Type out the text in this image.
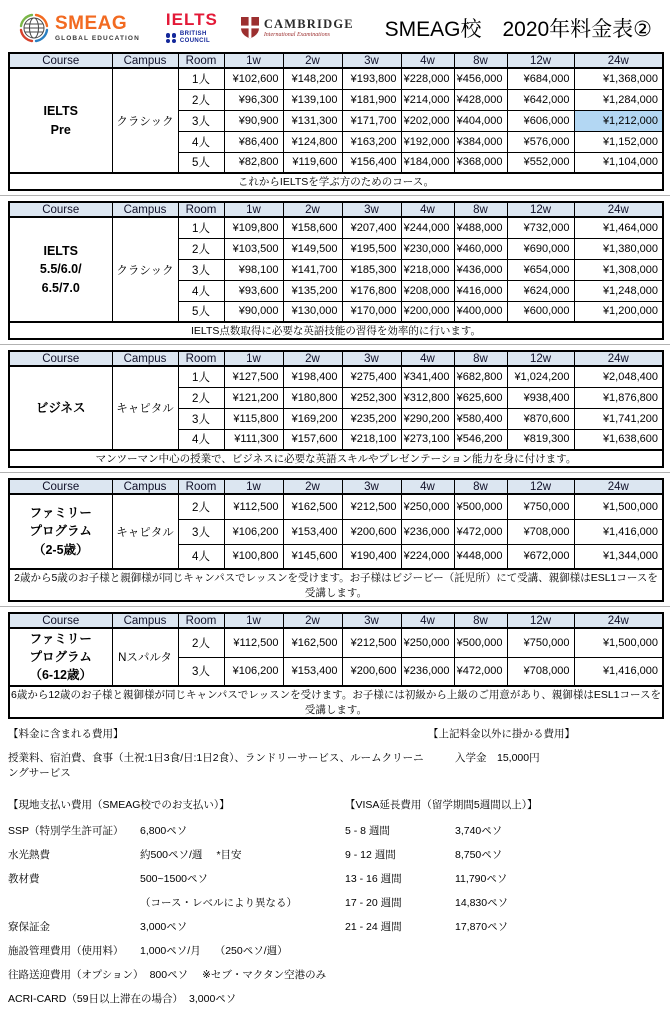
SMEAG
GLOBAL EDUCATION
IELTS
BRITISH
COUNCIL
CAMBRIDGE
International Examinations	SMEAG校　2020年料金表②
Course	Campus	Room	1w	2w	3w	4w	8w	12w	24w

IELTS
Pre	クラシック	1人	¥102,600	¥148,200	¥193,800	¥228,000	¥456,000	¥684,000	¥1,368,000
		2人	¥96,300	¥139,100	¥181,900	¥214,000	¥428,000	¥642,000	¥1,284,000
		3人	¥90,900	¥131,300	¥171,700	¥202,000	¥404,000	¥606,000	¥1,212,000
		4人	¥86,400	¥124,800	¥163,200	¥192,000	¥384,000	¥576,000	¥1,152,000
		5人	¥82,800	¥119,600	¥156,400	¥184,000	¥368,000	¥552,000	¥1,104,000
これからIELTSを学ぶ方のためのコース。									
Course	Campus	Room	1w	2w	3w	4w	8w	12w	24w

IELTS
5.5/6.0/
6.5/7.0	クラシック	1人	¥109,800	¥158,600	¥207,400	¥244,000	¥488,000	¥732,000	¥1,464,000
		2人	¥103,500	¥149,500	¥195,500	¥230,000	¥460,000	¥690,000	¥1,380,000
		3人	¥98,100	¥141,700	¥185,300	¥218,000	¥436,000	¥654,000	¥1,308,000
		4人	¥93,600	¥135,200	¥176,800	¥208,000	¥416,000	¥624,000	¥1,248,000
		5人	¥90,000	¥130,000	¥170,000	¥200,000	¥400,000	¥600,000	¥1,200,000
IELTS点数取得に必要な英語技能の習得を効率的に行います。									
Course	Campus	Room	1w	2w	3w	4w	8w	12w	24w

ビジネス	キャピタル	1人	¥127,500	¥198,400	¥275,400	¥341,400	¥682,800	¥1,024,200	¥2,048,400
		2人	¥121,200	¥180,800	¥252,300	¥312,800	¥625,600	¥938,400	¥1,876,800
		3人	¥115,800	¥169,200	¥235,200	¥290,200	¥580,400	¥870,600	¥1,741,200
		4人	¥111,300	¥157,600	¥218,100	¥273,100	¥546,200	¥819,300	¥1,638,600
マンツーマン中心の授業で、ビジネスに必要な英語スキルやプレゼンテーション能力を身に付けます。									
Course	Campus	Room	1w	2w	3w	4w	8w	12w	24w

ファミリー
プログラム
（2-5歳）	キャピタル	2人	¥112,500	¥162,500	¥212,500	¥250,000	¥500,000	¥750,000	¥1,500,000
		3人	¥106,200	¥153,400	¥200,600	¥236,000	¥472,000	¥708,000	¥1,416,000
		4人	¥100,800	¥145,600	¥190,400	¥224,000	¥448,000	¥672,000	¥1,344,000
2歳から5歳のお子様と親御様が同じキャンパスでレッスンを受けます。お子様はビジービー（託児所）にて受講、親御様はESL1コースを受講します。									
Course	Campus	Room	1w	2w	3w	4w	8w	12w	24w

ファミリー
プログラム
（6-12歳）	Nスパルタ	2人	¥112,500	¥162,500	¥212,500	¥250,000	¥500,000	¥750,000	¥1,500,000
		3人	¥106,200	¥153,400	¥200,600	¥236,000	¥472,000	¥708,000	¥1,416,000
6歳から12歳のお子様と親御様が同じキャンパスでレッスンを受けます。お子様には初級から上級のご用意があり、親御様はESL1コースを受講します。									
【料金に含まれる費用】
授業料、宿泊費、食事（土祝:1日3食/日:1日2食）、ランドリーサービス、ルームクリーニングサービス
【上記料金以外に掛かる費用】
入学金　15,000円
【現地支払い費用（SMEAG校でのお支払い）】
SSP（特別学生許可証）	6,800ペソ
水光熱費	約500ペソ/週 *目安
教材費	500~1500ペソ
（コース・レベルにより異なる）
寮保証金	3,000ペソ
施設管理費用（使用料）	1,000ペソ/月 （250ペソ/週）
往路送迎費用（オプション） 800ペソ ※セブ・マクタン空港のみ
ACRI-CARD（59日以上滞在の場合） 3,000ペソ
【VISA延長費用（留学期間5週間以上）】
5 - 8 週間	3,740ペソ
9 - 12 週間	8,750ペソ
13 - 16 週間	11,790ペソ
17 - 20 週間	14,830ペソ
21 - 24 週間	17,870ペソ
